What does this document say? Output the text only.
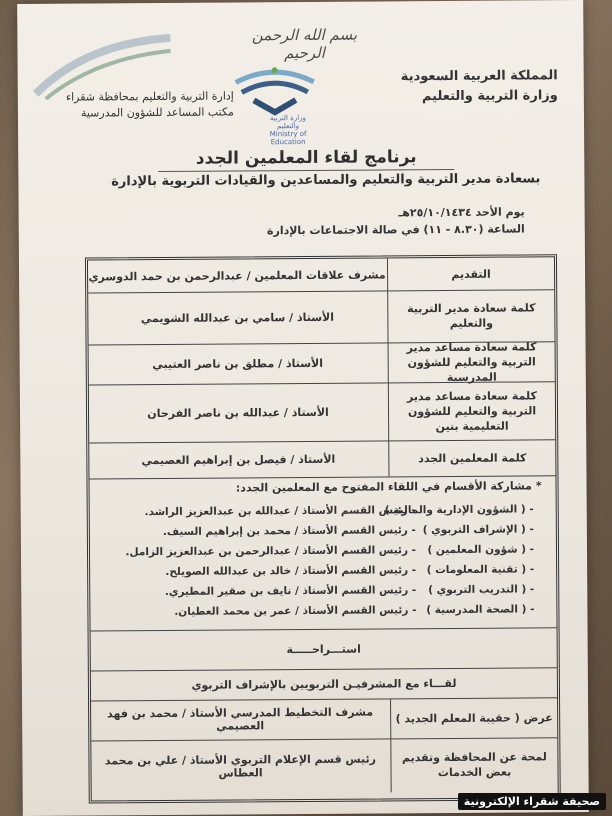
بسم الله الرحمن الرحيم
وزارة التربية والتعليم
Ministry of Education
المملكة العربية السعودية
وزارة التربية والتعليم
إدارة التربية والتعليم بمحافظة شقراء
مكتب المساعد للشؤون المدرسية
برنامج لقاء المعلمين الجدد
بسعادة مدير التربية والتعليم والمساعدين والقيادات التربوية بالإدارة
يوم الأحد ٢٥/١٠/١٤٣٤هـ
الساعة (٨.٣٠ - ١١) في صالة الاجتماعات بالإدارة
التقديم
مشرف علاقات المعلمين / عبدالرحمن بن حمد الدوسري
كلمة سعادة مدير التربية والتعليم
الأستاذ / سامي بن عبدالله الشويمي
كلمة سعادة مساعد مدير التربية والتعليم للشؤون المدرسية
الأستاذ / مطلق بن ناصر العتيبي
كلمة سعادة مساعد مدير التربية والتعليم للشؤون التعليمية بنين
الأستاذ / عبدالله بن ناصر الفرحان
كلمة المعلمين الجدد
الأستاذ / فيصل بن إبراهيم العصيمي
* مشاركة الأقسام في اللقاء المفتوح مع المعلمين الجدد:
- ( الشؤون الإدارية والمالية )
- رئيس القسم الأستاذ / عبدالله بن عبدالعزيز الراشد.
- ( الإشراف التربوي )
- رئيس القسم الأستاذ / محمد بن إبراهيم السيف.
- ( شؤون المعلمين )
- رئيس القسم الأستاذ / عبدالرحمن بن عبدالعزيز الزامل.
- ( تقنية المعلومات )
- رئيس القسم الأستاذ / خالد بن عبدالله الصويلح.
- ( التدريب التربوي )
- رئيس القسم الأستاذ / نايف بن صقير المطيري.
- ( الصحة المدرسية )
- رئيس القسم الأستاذ / عمر بن محمد العطيان.
استـــراحـــــة
لقـــاء مع المشرفيـن التربويين بالإشراف التربوي
عرض ( حقيبة المعلم الجديد )
مشرف التخطيط المدرسي الأستاذ / محمد بن فهد العصيمي
لمحة عن المحافظة وتقديم بعض الخدمات
رئيس قسم الإعلام التربوي الأستاذ / علي بن محمد العطاس
صحيفة شقراء الإلكترونية
